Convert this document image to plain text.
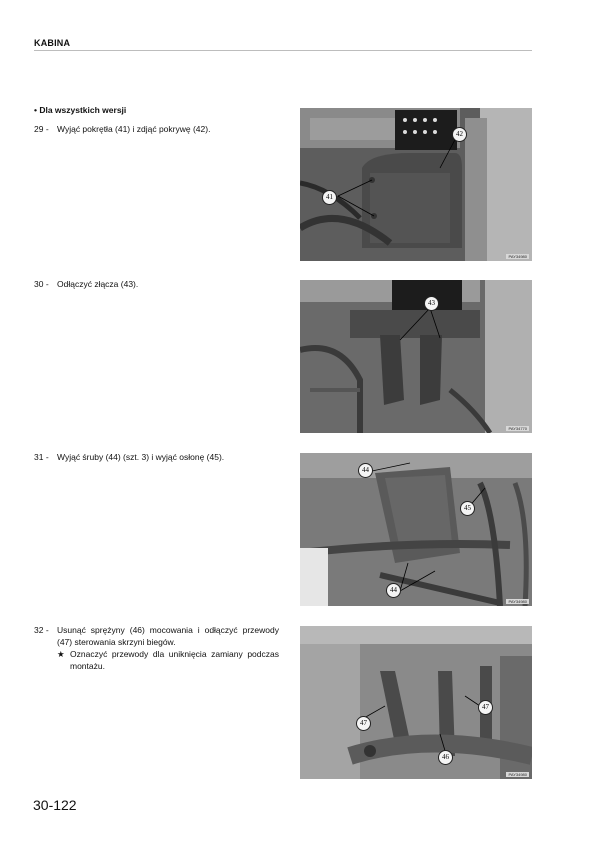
KABINA
• Dla wszystkich wersji
29 - Wyjąć pokrętła (41) i zdjąć pokrywę (42).
30 - Odłączyć złącza (43).
31 - Wyjąć śruby (44) (szt. 3) i wyjąć osłonę (45).
32 - Usunąć sprężyny (46) mocowania i odłączyć przewody (47) sterowania skrzyni biegów.
★ Oznaczyć przewody dla uniknięcia zamiany podczas montażu.
42
41
PAY34980
43
PAY34770
44
45
44
PAY34980
47
47
46
PAY34980
30-122
